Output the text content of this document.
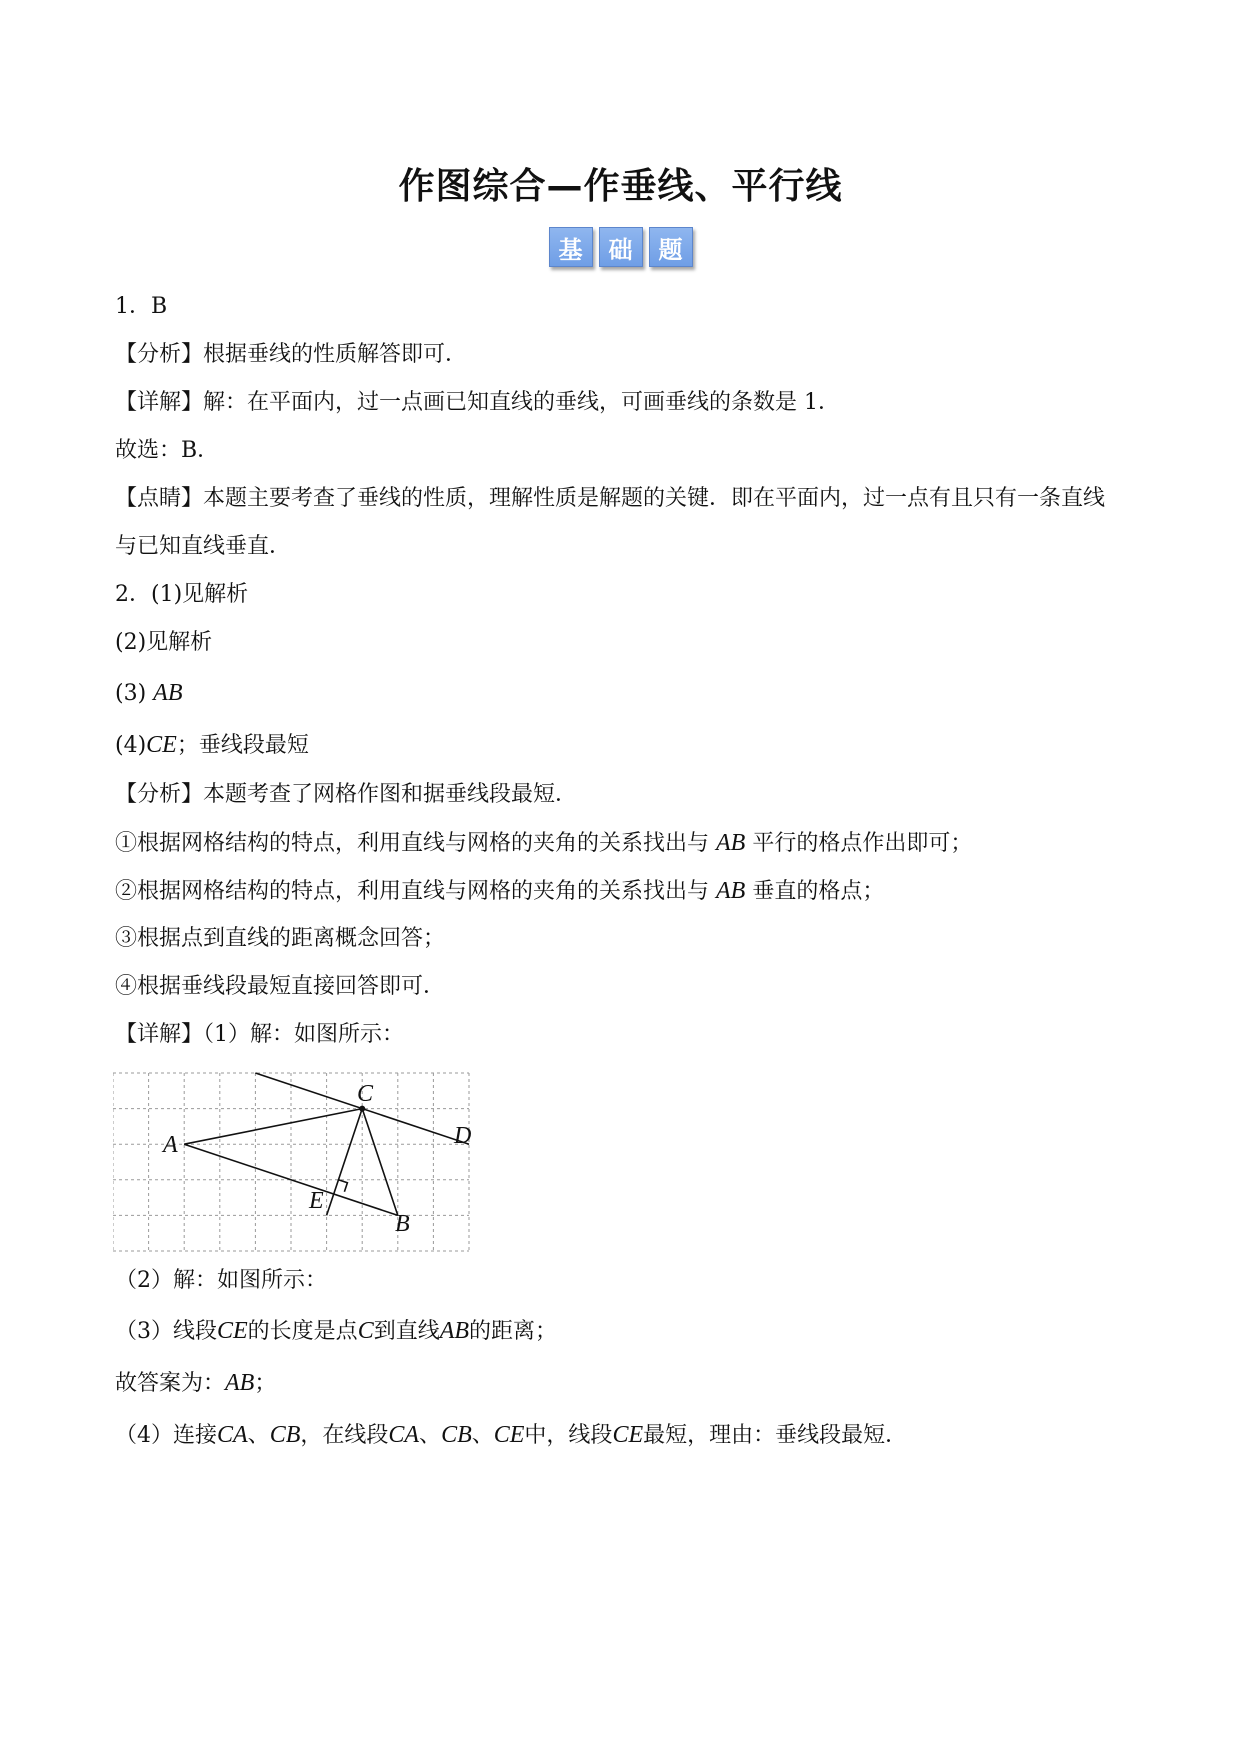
作图综合—作垂线、平行线
基	础	题
1．B
【分析】根据垂线的性质解答即可．
【详解】解：在平面内，过一点画已知直线的垂线，可画垂线的条数是 1．
故选：B．
【点睛】本题主要考查了垂线的性质，理解性质是解题的关键．即在平面内，过一点有且只有一条直线与已知直线垂直．
2．(1)见解析
(2)见解析
(3) AB
(4)CE；垂线段最短
【分析】本题考查了网格作图和据垂线段最短．
①根据网格结构的特点，利用直线与网格的夹角的关系找出与 AB 平行的格点作出即可；
②根据网格结构的特点，利用直线与网格的夹角的关系找出与 AB 垂直的格点；
③根据点到直线的距离概念回答；
④根据垂线段最短直接回答即可．
【详解】（1）解：如图所示：
A
C
D
E
B
（2）解：如图所示：
（3）线段CE的长度是点C到直线AB的距离；
故答案为：AB；
（4）连接CA、CB，在线段CA、CB、CE中，线段CE最短，理由：垂线段最短．
